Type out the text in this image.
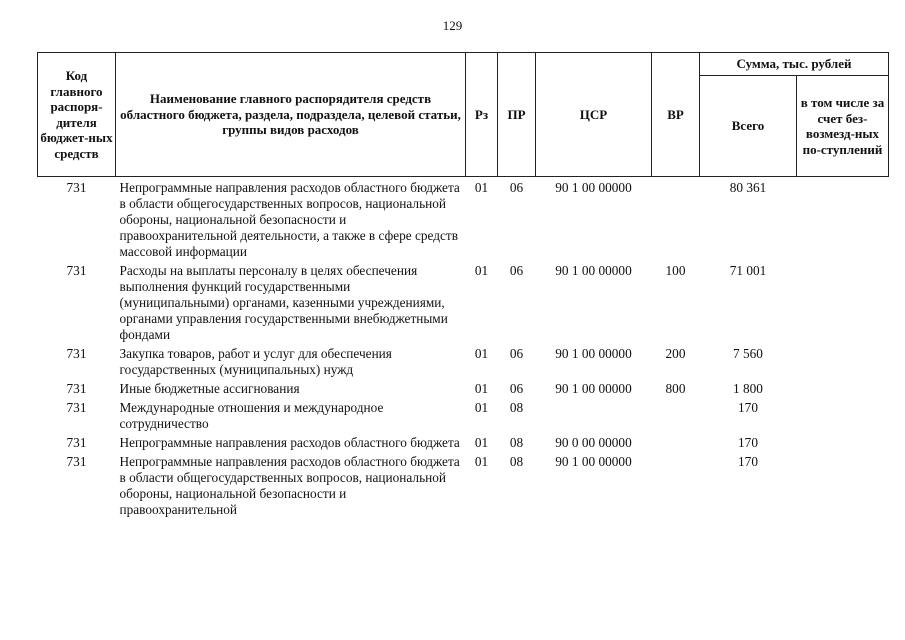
129
Код главного распоря-дителя бюджет-ных средств	Наименование главного распорядителя средств областного бюджета, раздела, подраздела, целевой статьи, группы видов расходов	Рз	ПР	ЦСР	ВР	Сумма, тыс. рублей	
						Всего	в том числе за счет без-возмезд-ных по-ступлений
731	Непрограммные направления расходов областного бюджета в области общегосударственных вопросов, национальной обороны, национальной безопасности и правоохранительной деятельности, а также в сфере средств массовой информации	01	06	90 1 00 00000		80 361	
731	Расходы на выплаты персоналу в целях обеспечения выполнения функций государственными (муниципальными) органами, казенными учреждениями, органами управления государственными внебюджетными фондами	01	06	90 1 00 00000	100	71 001	
731	Закупка товаров, работ и услуг для обеспечения государственных (муниципальных) нужд	01	06	90 1 00 00000	200	7 560	
731	Иные бюджетные ассигнования	01	06	90 1 00 00000	800	1 800	
731	Международные отношения и международное сотрудничество	01	08			170	
731	Непрограммные направления расходов областного бюджета	01	08	90 0 00 00000		170	
731	Непрограммные направления расходов областного бюджета в области общегосударственных вопросов, национальной обороны, национальной безопасности и правоохранительной	01	08	90 1 00 00000		170	
